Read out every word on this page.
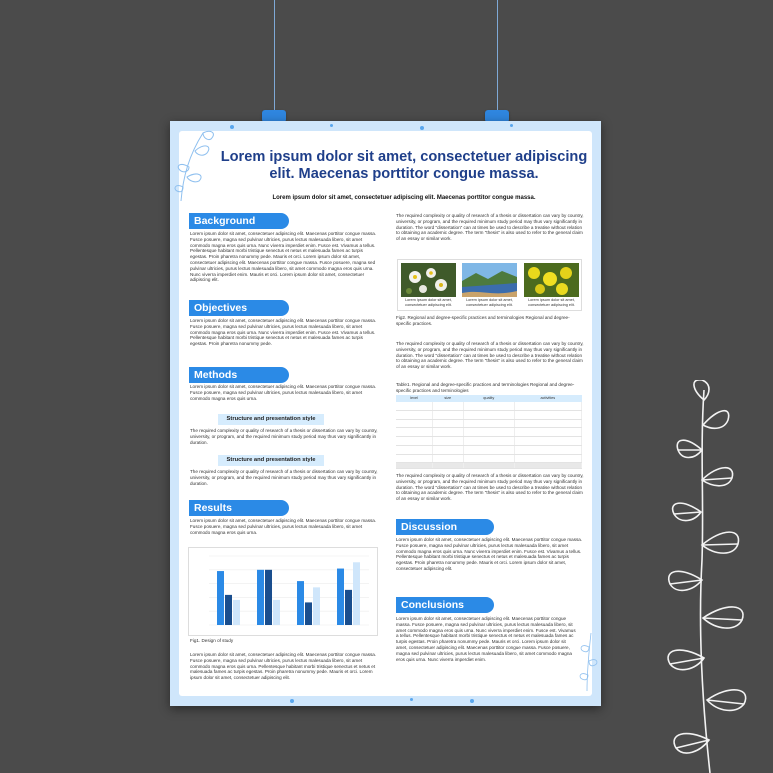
Lorem ipsum dolor sit amet, consectetuer adipiscing elit. Maecenas porttitor congue massa.
Lorem ipsum dolor sit amet, consectetuer adipiscing elit. Maecenas porttitor congue massa.
Background
Lorem ipsum dolor sit amet, consectetuer adipiscing elit. Maecenas porttitor congue massa. Fusce posuere, magna sed pulvinar ultricies, purus lectus malesuada libero, sit amet commodo magna eros quis urna. Nunc viverra imperdiet enim. Fusce est. Vivamus a tellus. Pellentesque habitant morbi tristique senectus et netus et malesuada fames ac turpis egestas. Proin pharetra nonummy pede. Mauris et orci. Lorem ipsum dolor sit amet, consectetuer adipiscing elit. Maecenas porttitor congue massa. Fusce posuere, magna sed pulvinar ultricies, purus lectus malesuada libero, sit amet commodo magna eros quis urna. Nunc viverra imperdiet enim. Mauris et orci. Lorem ipsum dolor sit amet, consectetuer adipiscing elit.
Objectives
Lorem ipsum dolor sit amet, consectetuer adipiscing elit. Maecenas porttitor congue massa. Fusce posuere, magna sed pulvinar ultricies, purus lectus malesuada libero, sit amet commodo magna eros quis urna. Nunc viverra imperdiet enim. Fusce est. Vivamus a tellus. Pellentesque habitant morbi tristique senectus et netus et malesuada fames ac turpis egestas. Proin pharetra nonummy pede.
Methods
Lorem ipsum dolor sit amet, consectetuer adipiscing elit. Maecenas porttitor congue massa. Fusce posuere, magna sed pulvinar ultricies, purus lectus malesuada libero, sit amet commodo magna eros quis urna.
Structure and presentation style
The required complexity or quality of research of a thesis or dissertation can vary by country, university, or program, and the required minimum study period may thus vary significantly in duration.
Structure and presentation style
The required complexity or quality of research of a thesis or dissertation can vary by country, university, or program, and the required minimum study period may thus vary significantly in duration.
Results
Lorem ipsum dolor sit amet, consectetuer adipiscing elit. Maecenas porttitor congue massa. Fusce posuere, magna sed pulvinar ultricies, purus lectus malesuada libero, sit amet commodo magna eros quis urna.
Fig1. Design of study
Lorem ipsum dolor sit amet, consectetuer adipiscing elit. Maecenas porttitor congue massa. Fusce posuere, magna sed pulvinar ultricies, purus lectus malesuada libero, sit amet commodo magna eros quis urna. Pellentesque habitant morbi tristique senectus et netus et malesuada fames ac turpis egestas. Proin pharetra nonummy pede. Mauris et orci. Lorem ipsum dolor sit amet, consectetuer adipiscing elit.
The required complexity or quality of research of a thesis or dissertation can vary by country, university, or program, and the required minimum study period may thus vary significantly in duration. The word "dissertation" can at times be used to describe a treatise without relation to obtaining an academic degree. The term "thesis" is also used to refer to the general claim of an essay or similar work.
Lorem ipsum dolor sit amet, consectetuer adipiscing elit.
Lorem ipsum dolor sit amet, consectetuer adipiscing elit.
Lorem ipsum dolor sit amet, consectetuer adipiscing elit.
Fig2. Regional and degree-specific practices and terminologies Regional and degree-specific practices.
The required complexity or quality of research of a thesis or dissertation can vary by country, university, or program, and the required minimum study period may thus vary significantly in duration. The word "dissertation" can at times be used to describe a treatise without relation to obtaining an academic degree. The term "thesis" is also used to refer to the general claim of an essay or similar work.
Table1. Regional and degree-specific practices and terminologies Regional and degree-specific practices and terminologies
level	size	quality	activities

The required complexity or quality of research of a thesis or dissertation can vary by country, university, or program, and the required minimum study period may thus vary significantly in duration. The word "dissertation" can at times be used to describe a treatise without relation to obtaining an academic degree. The term "thesis" is also used to refer to the general claim of an essay or similar work.
Discussion
Lorem ipsum dolor sit amet, consectetuer adipiscing elit. Maecenas porttitor congue massa. Fusce posuere, magna sed pulvinar ultricies, purus lectus malesuada libero, sit amet commodo magna eros quis urna. Nunc viverra imperdiet enim. Fusce est. Vivamus a tellus. Pellentesque habitant morbi tristique senectus et netus et malesuada fames ac turpis egestas. Proin pharetra nonummy pede. Mauris et orci. Lorem ipsum dolor sit amet, consectetuer adipiscing elit.
Conclusions
Lorem ipsum dolor sit amet, consectetuer adipiscing elit. Maecenas porttitor congue massa. Fusce posuere, magna sed pulvinar ultricies, purus lectus malesuada libero, sit amet commodo magna eros quis urna. Nunc viverra imperdiet enim. Fusce est. Vivamus a tellus. Pellentesque habitant morbi tristique senectus et netus et malesuada fames ac turpis egestas. Proin pharetra nonummy pede. Mauris et orci. Lorem ipsum dolor sit amet, consectetuer adipiscing elit. Maecenas porttitor congue massa. Fusce posuere, magna sed pulvinar ultricies, purus lectus malesuada libero, sit amet commodo magna eros quis urna. Nunc viverra imperdiet enim.
